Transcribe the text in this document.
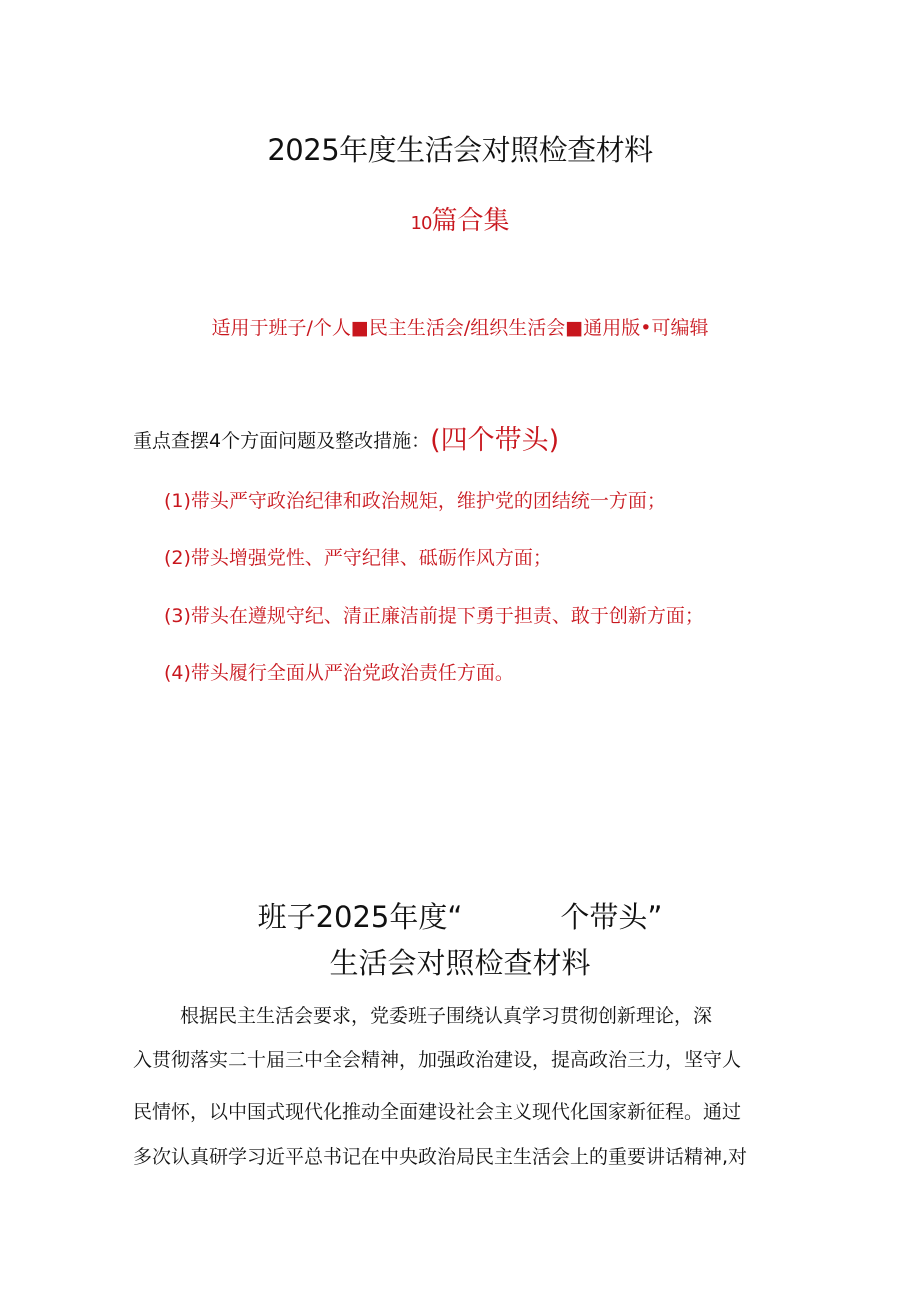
2025年度生活会对照检查材料
10篇合集
适用于班子/个人■民主生活会/组织生活会■通用版•可编辑
重点查摆4个方面问题及整改措施：(四个带头)
(1)带头严守政治纪律和政治规矩，维护党的团结统一方面；
(2)带头增强党性、严守纪律、砥砺作风方面；
(3)带头在遵规守纪、清正廉洁前提下勇于担责、敢于创新方面；
(4)带头履行全面从严治党政治责任方面。
班子2025年度“	个带头”
生活会对照检查材料
根据民主生活会要求，党委班子围绕认真学习贯彻创新理论，深
入贯彻落实二十届三中全会精神，加强政治建设，提高政治三力，坚守人
民情怀，以中国式现代化推动全面建设社会主义现代化国家新征程。通过
多次认真研学习近平总书记在中央政治局民主生活会上的重要讲话精神,对
